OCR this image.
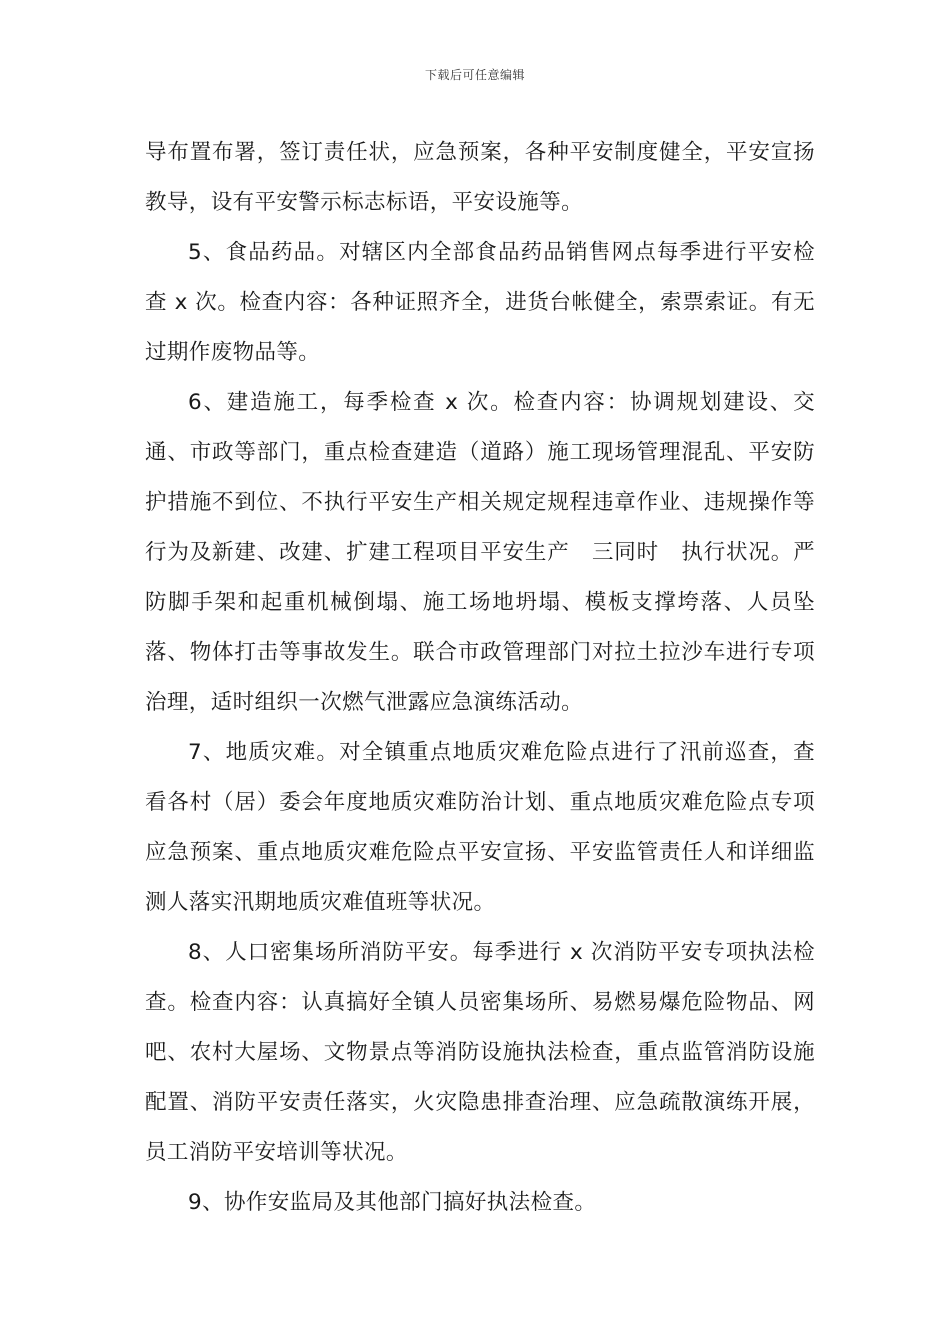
下载后可任意编辑

导布置布署，签订责任状，应急预案，各种平安制度健全，平安宣扬教导，设有平安警示标志标语，平安设施等。

5、食品药品。对辖区内全部食品药品销售网点每季进行平安检查 x 次。检查内容：各种证照齐全，进货台帐健全，索票索证。有无过期作废物品等。

6、建造施工，每季检查 x 次。检查内容：协调规划建设、交通、市政等部门，重点检查建造（道路）施工现场管理混乱、平安防护措施不到位、不执行平安生产相关规定规程违章作业、违规操作等行为及新建、改建、扩建工程项目平安生产　三同时　执行状况。严防脚手架和起重机械倒塌、施工场地坍塌、模板支撑垮落、人员坠落、物体打击等事故发生。联合市政管理部门对拉土拉沙车进行专项治理，适时组织一次燃气泄露应急演练活动。

7、地质灾难。对全镇重点地质灾难危险点进行了汛前巡查，查看各村（居）委会年度地质灾难防治计划、重点地质灾难危险点专项应急预案、重点地质灾难危险点平安宣扬、平安监管责任人和详细监测人落实汛期地质灾难值班等状况。

8、人口密集场所消防平安。每季进行 x 次消防平安专项执法检查。检查内容：认真搞好全镇人员密集场所、易燃易爆危险物品、网吧、农村大屋场、文物景点等消防设施执法检查，重点监管消防设施配置、消防平安责任落实，火灾隐患排查治理、应急疏散演练开展，员工消防平安培训等状况。

9、协作安监局及其他部门搞好执法检查。
